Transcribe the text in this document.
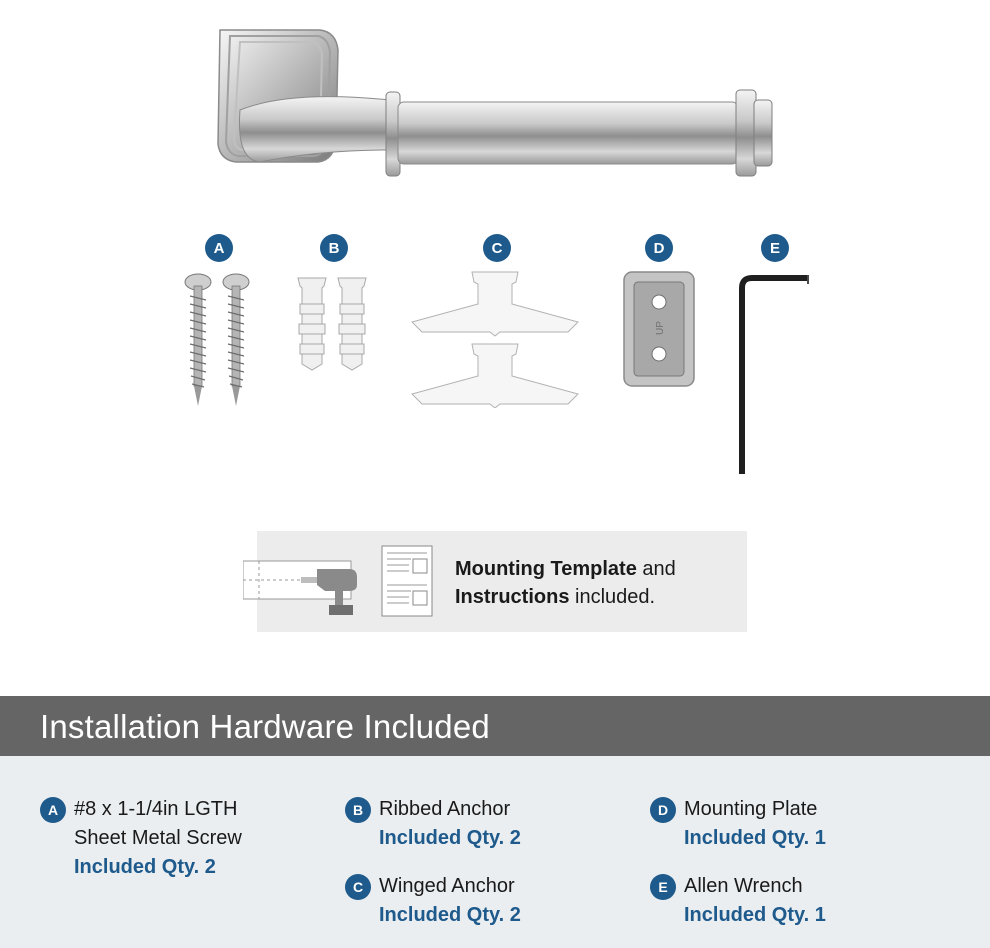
A	B	C	D	E
UP
Mounting Template and
Instructions included.
Installation Hardware Included
A #8 x 1-1/4in LGTH
Sheet Metal Screw
Included Qty. 2
B Ribbed Anchor
Included Qty. 2
C Winged Anchor
Included Qty. 2
D Mounting Plate
Included Qty. 1
E Allen Wrench
Included Qty. 1
